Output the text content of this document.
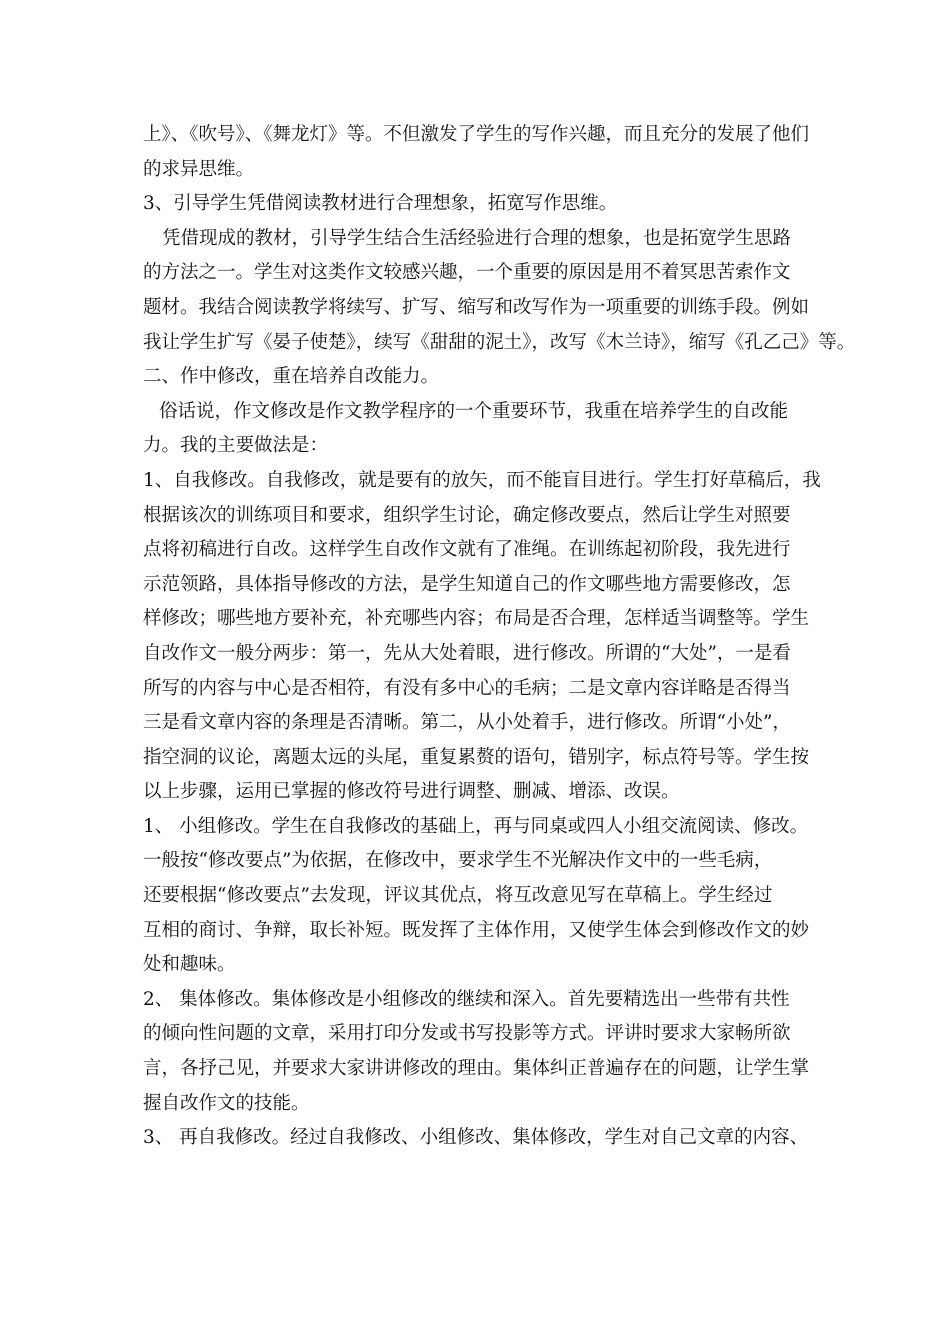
上》、《吹号》、《舞龙灯》等。不但激发了学生的写作兴趣，而且充分的发展了他们
的求异思维。
3、引导学生凭借阅读教材进行合理想象，拓宽写作思维。
凭借现成的教材，引导学生结合生活经验进行合理的想象，也是拓宽学生思路
的方法之一。学生对这类作文较感兴趣，一个重要的原因是用不着冥思苦索作文
题材。我结合阅读教学将续写、扩写、缩写和改写作为一项重要的训练手段。例如
我让学生扩写《晏子使楚》，续写《甜甜的泥土》，改写《木兰诗》，缩写《孔乙己》等。
二、作中修改，重在培养自改能力。
俗话说，作文修改是作文教学程序的一个重要环节，我重在培养学生的自改能
力。我的主要做法是：
1、自我修改。自我修改，就是要有的放矢，而不能盲目进行。学生打好草稿后，我
根据该次的训练项目和要求，组织学生讨论，确定修改要点，然后让学生对照要
点将初稿进行自改。这样学生自改作文就有了准绳。在训练起初阶段，我先进行
示范领路，具体指导修改的方法，是学生知道自己的作文哪些地方需要修改，怎
样修改；哪些地方要补充，补充哪些内容；布局是否合理，怎样适当调整等。学生
自改作文一般分两步：第一，先从大处着眼，进行修改。所谓的“大处”，一是看
所写的内容与中心是否相符，有没有多中心的毛病；二是文章内容详略是否得当
三是看文章内容的条理是否清晰。第二，从小处着手，进行修改。所谓“小处”，
指空洞的议论，离题太远的头尾，重复累赘的语句，错别字，标点符号等。学生按
以上步骤，运用已掌握的修改符号进行调整、删减、增添、改误。
1、 小组修改。学生在自我修改的基础上，再与同桌或四人小组交流阅读、修改。
一般按“修改要点”为依据，在修改中，要求学生不光解决作文中的一些毛病，
还要根据“修改要点”去发现，评议其优点，将互改意见写在草稿上。学生经过
互相的商讨、争辩，取长补短。既发挥了主体作用，又使学生体会到修改作文的妙
处和趣味。
2、 集体修改。集体修改是小组修改的继续和深入。首先要精选出一些带有共性
的倾向性问题的文章，采用打印分发或书写投影等方式。评讲时要求大家畅所欲
言，各抒己见，并要求大家讲讲修改的理由。集体纠正普遍存在的问题，让学生掌
握自改作文的技能。
3、 再自我修改。经过自我修改、小组修改、集体修改，学生对自己文章的内容、
